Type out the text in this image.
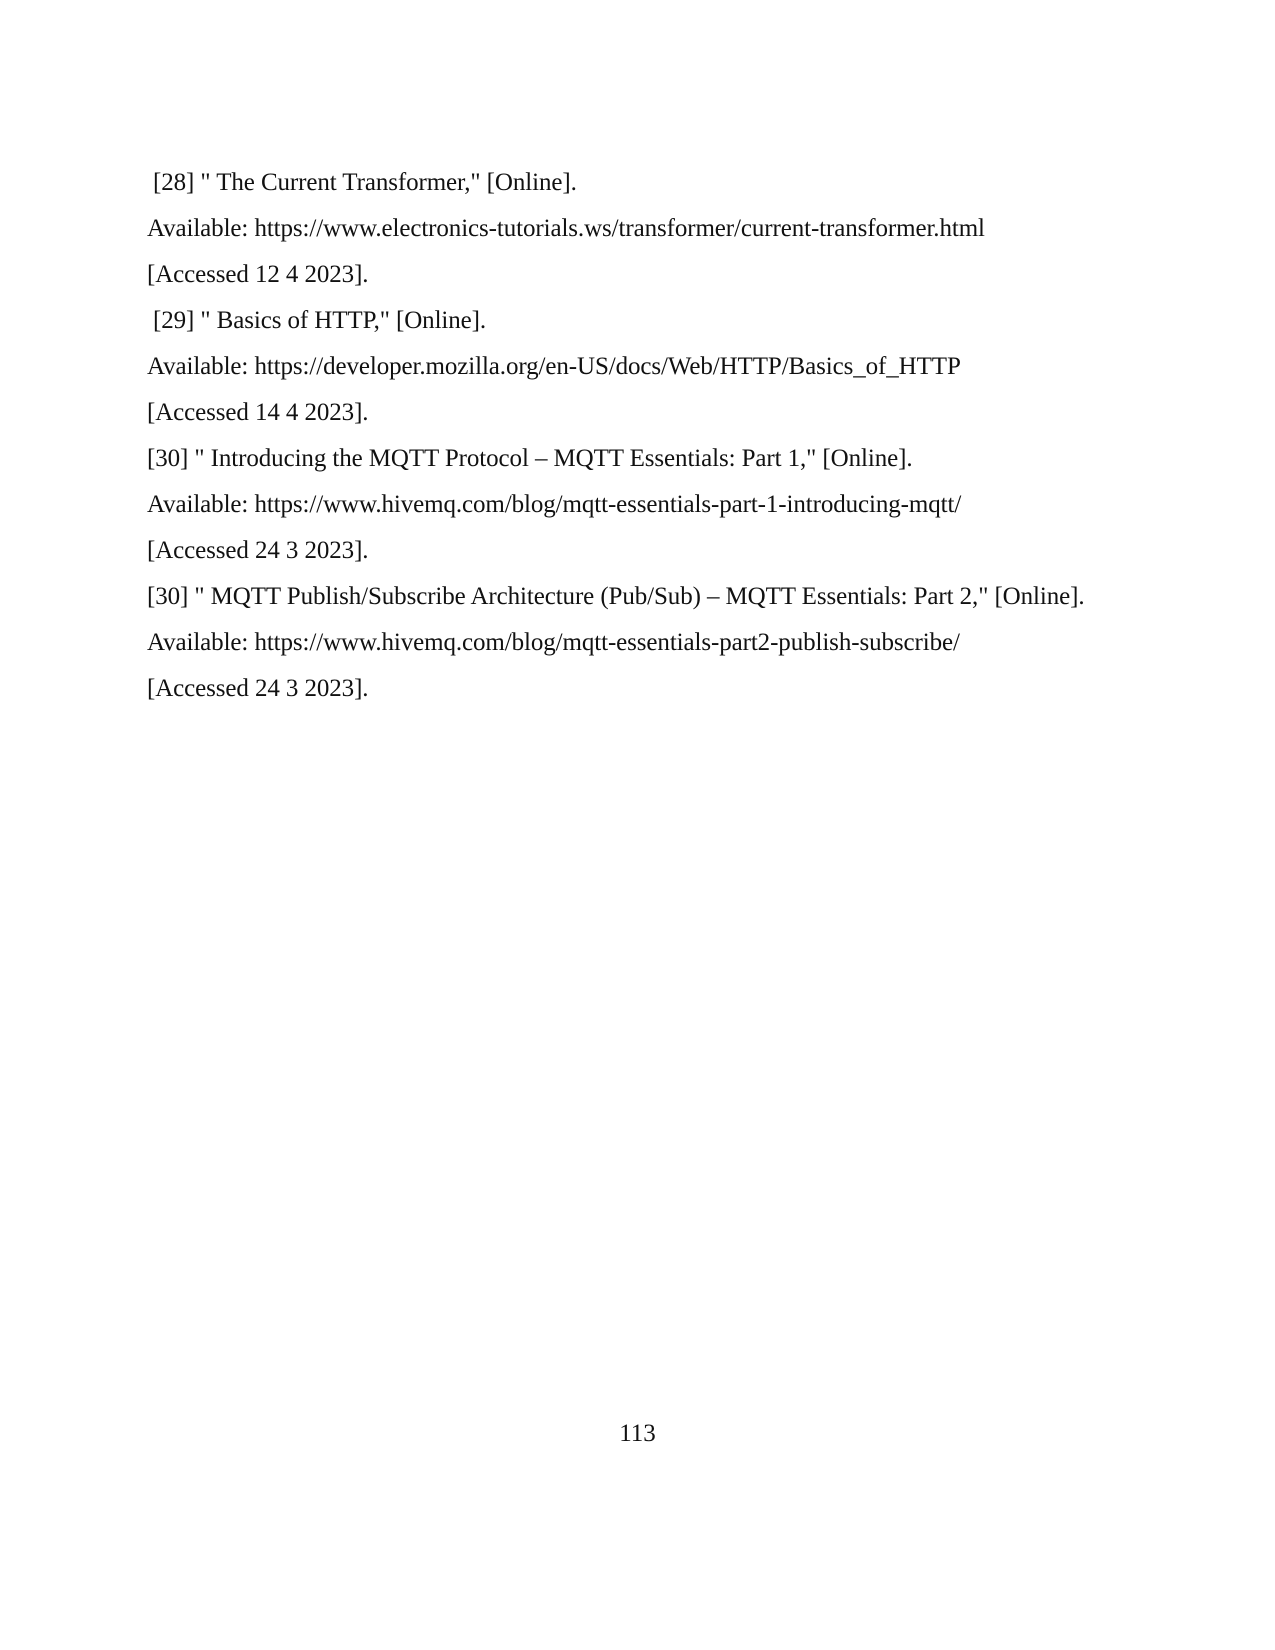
[28] " The Current Transformer," [Online].
Available: https://www.electronics-tutorials.ws/transformer/current-transformer.html
[Accessed 12 4 2023].
[29] " Basics of HTTP," [Online].
Available: https://developer.mozilla.org/en-US/docs/Web/HTTP/Basics_of_HTTP
[Accessed 14 4 2023].
[30] " Introducing the MQTT Protocol – MQTT Essentials: Part 1," [Online].
Available: https://www.hivemq.com/blog/mqtt-essentials-part-1-introducing-mqtt/
[Accessed 24 3 2023].
[30] " MQTT Publish/Subscribe Architecture (Pub/Sub) – MQTT Essentials: Part 2," [Online].
Available: https://www.hivemq.com/blog/mqtt-essentials-part2-publish-subscribe/
[Accessed 24 3 2023].
113
